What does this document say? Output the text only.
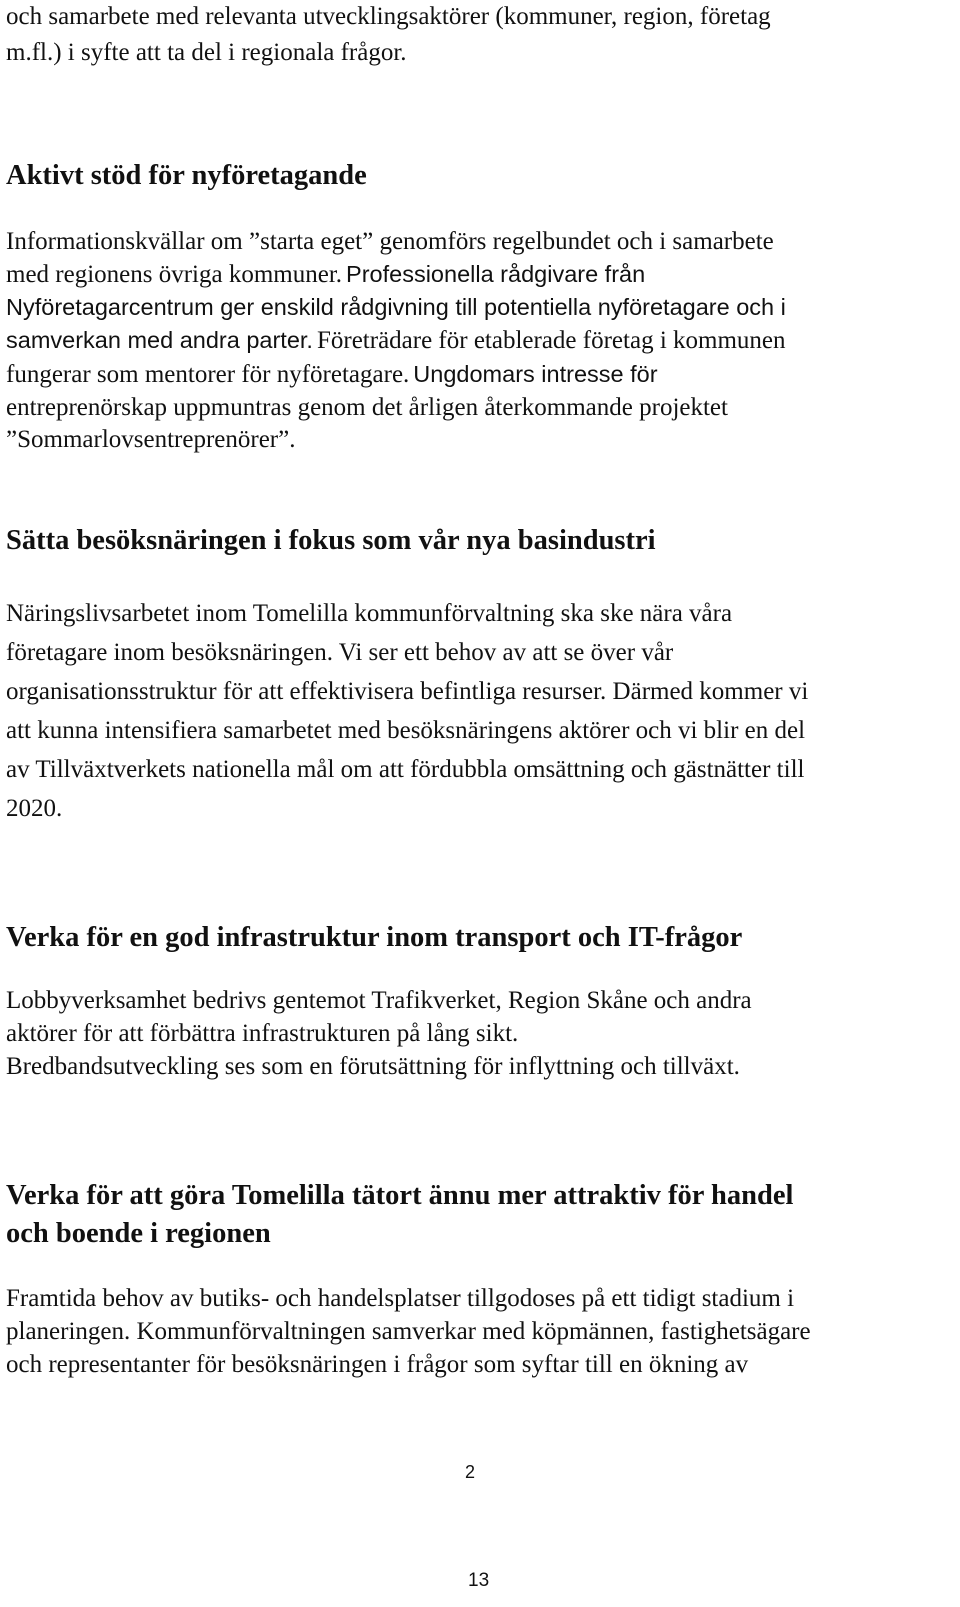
och samarbete med relevanta utvecklingsaktörer (kommuner, region, företag

m.fl.) i syfte att ta del i regionala frågor.

Aktivt stöd för nyföretagande

Informationskvällar om ”starta eget” genomförs regelbundet och i samarbete

med regionens övriga kommuner. Professionella rådgivare från

Nyföretagarcentrum ger enskild rådgivning till potentiella nyföretagare och i

samverkan med andra parter. Företrädare för etablerade företag i kommunen

fungerar som mentorer för nyföretagare. Ungdomars intresse för

entreprenörskap uppmuntras genom det årligen återkommande projektet

”Sommarlovsentreprenörer”.

Sätta besöksnäringen i fokus som vår nya basindustri

Näringslivsarbetet inom Tomelilla kommunförvaltning ska ske nära våra

företagare inom besöksnäringen. Vi ser ett behov av att se över vår

organisationsstruktur för att effektivisera befintliga resurser. Därmed kommer vi

att kunna intensifiera samarbetet med besöksnäringens aktörer och vi blir en del

av Tillväxtverkets nationella mål om att fördubbla omsättning och gästnätter till

2020.

Verka för en god infrastruktur inom transport och IT-frågor

Lobbyverksamhet bedrivs gentemot Trafikverket, Region Skåne och andra

aktörer för att förbättra infrastrukturen på lång sikt.

Bredbandsutveckling ses som en förutsättning för inflyttning och tillväxt.

Verka för att göra Tomelilla tätort ännu mer attraktiv för handel
och boende i regionen

Framtida behov av butiks- och handelsplatser tillgodoses på ett tidigt stadium i

planeringen. Kommunförvaltningen samverkar med köpmännen, fastighetsägare

och representanter för besöksnäringen i frågor som syftar till en ökning av

2
13
